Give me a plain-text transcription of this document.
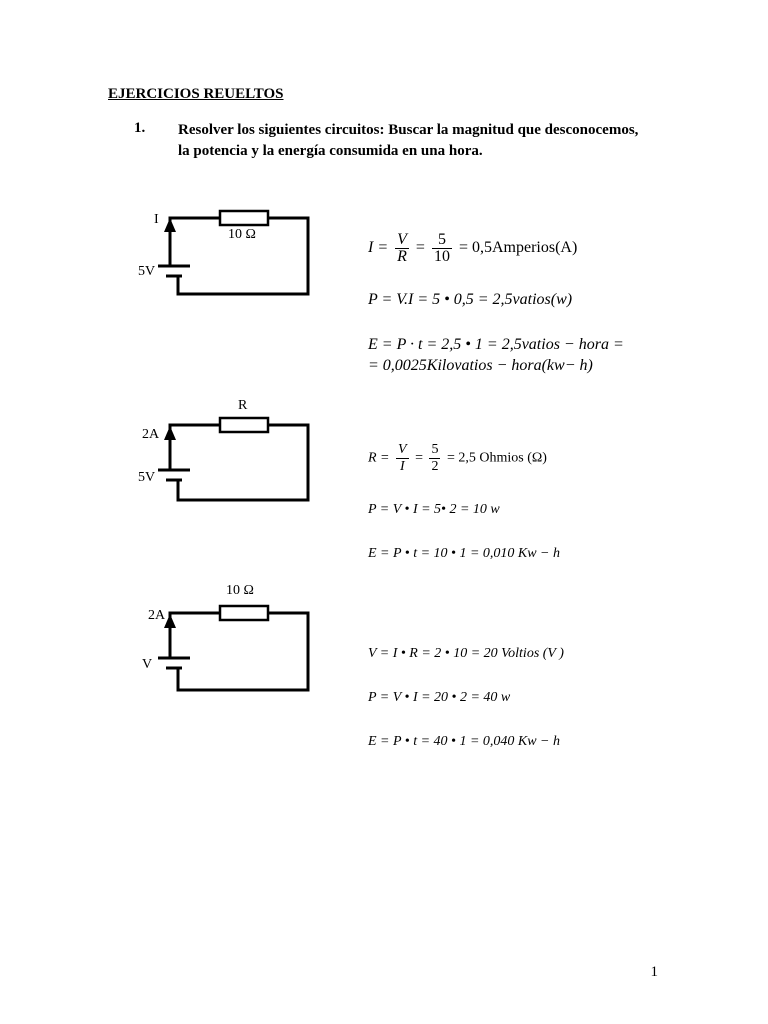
EJERCICIOS REUELTOS
1. Resolver los siguientes circuitos: Buscar la magnitud que desconocemos,
la potencia y la energía consumida en una hora.
I
10 Ω
5V
$I = \frac{V}{R} = \frac{5}{10}$ = 0,5Amperios(A)
P = V.I = 5 • 0,5 = 2,5vatios(w)
E = P · t = 2,5 • 1 = 2,5vatios − hora =
= 0,0025Kilovatios − hora(kw− h)
R
2A
5V
$R = \frac{V}{I} = \frac{5}{2} = 2,5$ Ohmios (Ω)
P = V • I = 5• 2 = 10 w
E = P • t = 10 • 1 = 0,010 Kw − h
10 Ω
2A
V
V = I • R = 2 • 10 = 20 Voltios (V )
P = V • I = 20 • 2 = 40 w
E = P • t = 40 • 1 = 0,040 Kw − h
1
